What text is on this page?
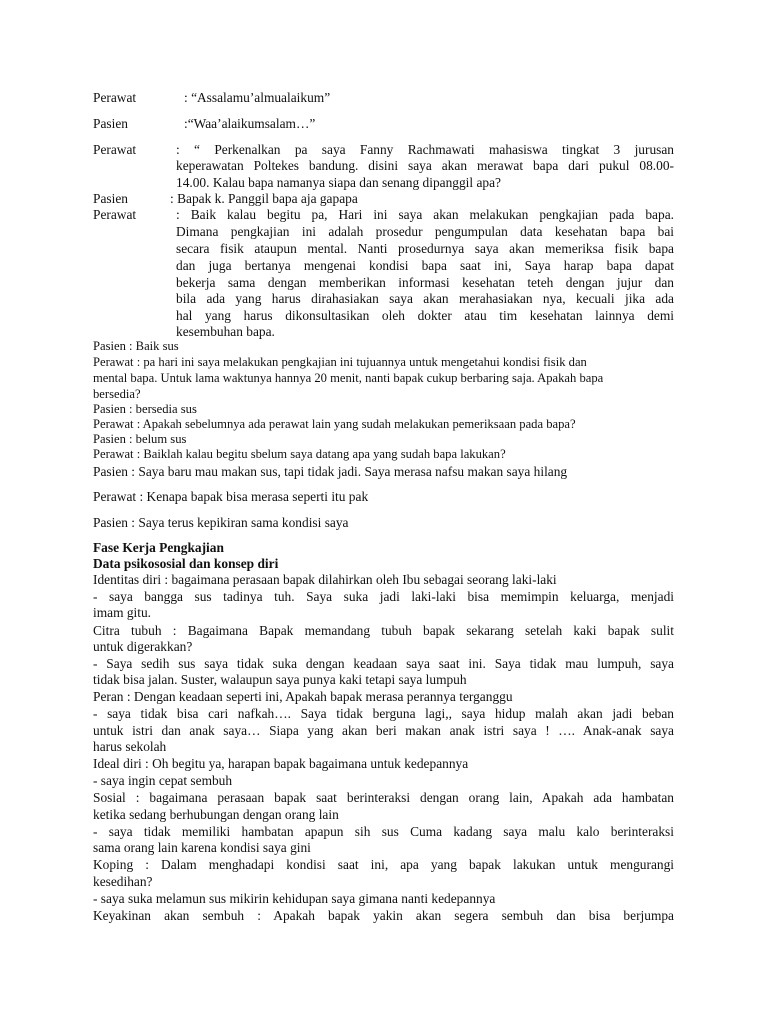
Perawat	: “Assalamu’almualaikum”
Pasien	:“Waa’alaikumsalam…”
Perawat	: “ Perkenalkan pa saya Fanny Rachmawati mahasiswa tingkat 3 jurusan
keperawatan Poltekes bandung. disini saya akan merawat bapa dari pukul 08.00-
14.00. Kalau bapa namanya siapa dan senang dipanggil apa?
Pasien	: Bapak k. Panggil bapa aja gapapa
Perawat	: Baik kalau begitu pa, Hari ini saya akan melakukan pengkajian pada bapa.
Dimana pengkajian ini adalah prosedur pengumpulan data kesehatan bapa bai
secara fisik ataupun mental. Nanti prosedurnya saya akan memeriksa fisik bapa
dan juga bertanya mengenai kondisi bapa saat ini, Saya harap bapa dapat
bekerja sama dengan memberikan informasi kesehatan teteh dengan jujur dan
bila ada yang harus dirahasiakan saya akan merahasiakan nya, kecuali jika ada
hal yang harus dikonsultasikan oleh dokter atau tim kesehatan lainnya demi
kesembuhan bapa.
Pasien : Baik sus
Perawat : pa hari ini saya melakukan pengkajian ini tujuannya untuk mengetahui kondisi fisik dan
mental bapa. Untuk lama waktunya hannya 20 menit, nanti bapak cukup berbaring saja. Apakah bapa
bersedia?
Pasien : bersedia sus
Perawat : Apakah sebelumnya ada perawat lain yang sudah melakukan pemeriksaan pada bapa?
Pasien : belum sus
Perawat : Baiklah kalau begitu sbelum saya datang apa yang sudah bapa lakukan?
Pasien : Saya baru mau makan sus, tapi tidak jadi. Saya merasa nafsu makan saya hilang
Perawat : Kenapa bapak bisa merasa seperti itu pak
Pasien : Saya terus kepikiran sama kondisi saya
Fase Kerja Pengkajian
Data psikososial dan konsep diri
Identitas diri : bagaimana perasaan bapak dilahirkan oleh Ibu sebagai seorang laki-laki
- saya bangga sus tadinya tuh. Saya suka jadi laki-laki bisa memimpin keluarga, menjadi
imam gitu.
Citra tubuh : Bagaimana Bapak memandang tubuh bapak sekarang setelah kaki bapak sulit
untuk digerakkan?
- Saya sedih sus saya tidak suka dengan keadaan saya saat ini. Saya tidak mau lumpuh, saya
tidak bisa jalan. Suster, walaupun saya punya kaki tetapi saya lumpuh
Peran : Dengan keadaan seperti ini, Apakah bapak merasa perannya terganggu
- saya tidak bisa cari nafkah…. Saya tidak berguna lagi,, saya hidup malah akan jadi beban
untuk istri dan anak saya… Siapa yang akan beri makan anak istri saya ! …. Anak-anak saya
harus sekolah
Ideal diri : Oh begitu ya, harapan bapak bagaimana untuk kedepannya
- saya ingin cepat sembuh
Sosial : bagaimana perasaan bapak saat berinteraksi dengan orang lain, Apakah ada hambatan
ketika sedang berhubungan dengan orang lain
- saya tidak memiliki hambatan apapun sih sus Cuma kadang saya malu kalo berinteraksi
sama orang lain karena kondisi saya gini
Koping : Dalam menghadapi kondisi saat ini, apa yang bapak lakukan untuk mengurangi
kesedihan?
- saya suka melamun sus mikirin kehidupan saya gimana nanti kedepannya
Keyakinan akan sembuh : Apakah bapak yakin akan segera sembuh dan bisa berjumpa
